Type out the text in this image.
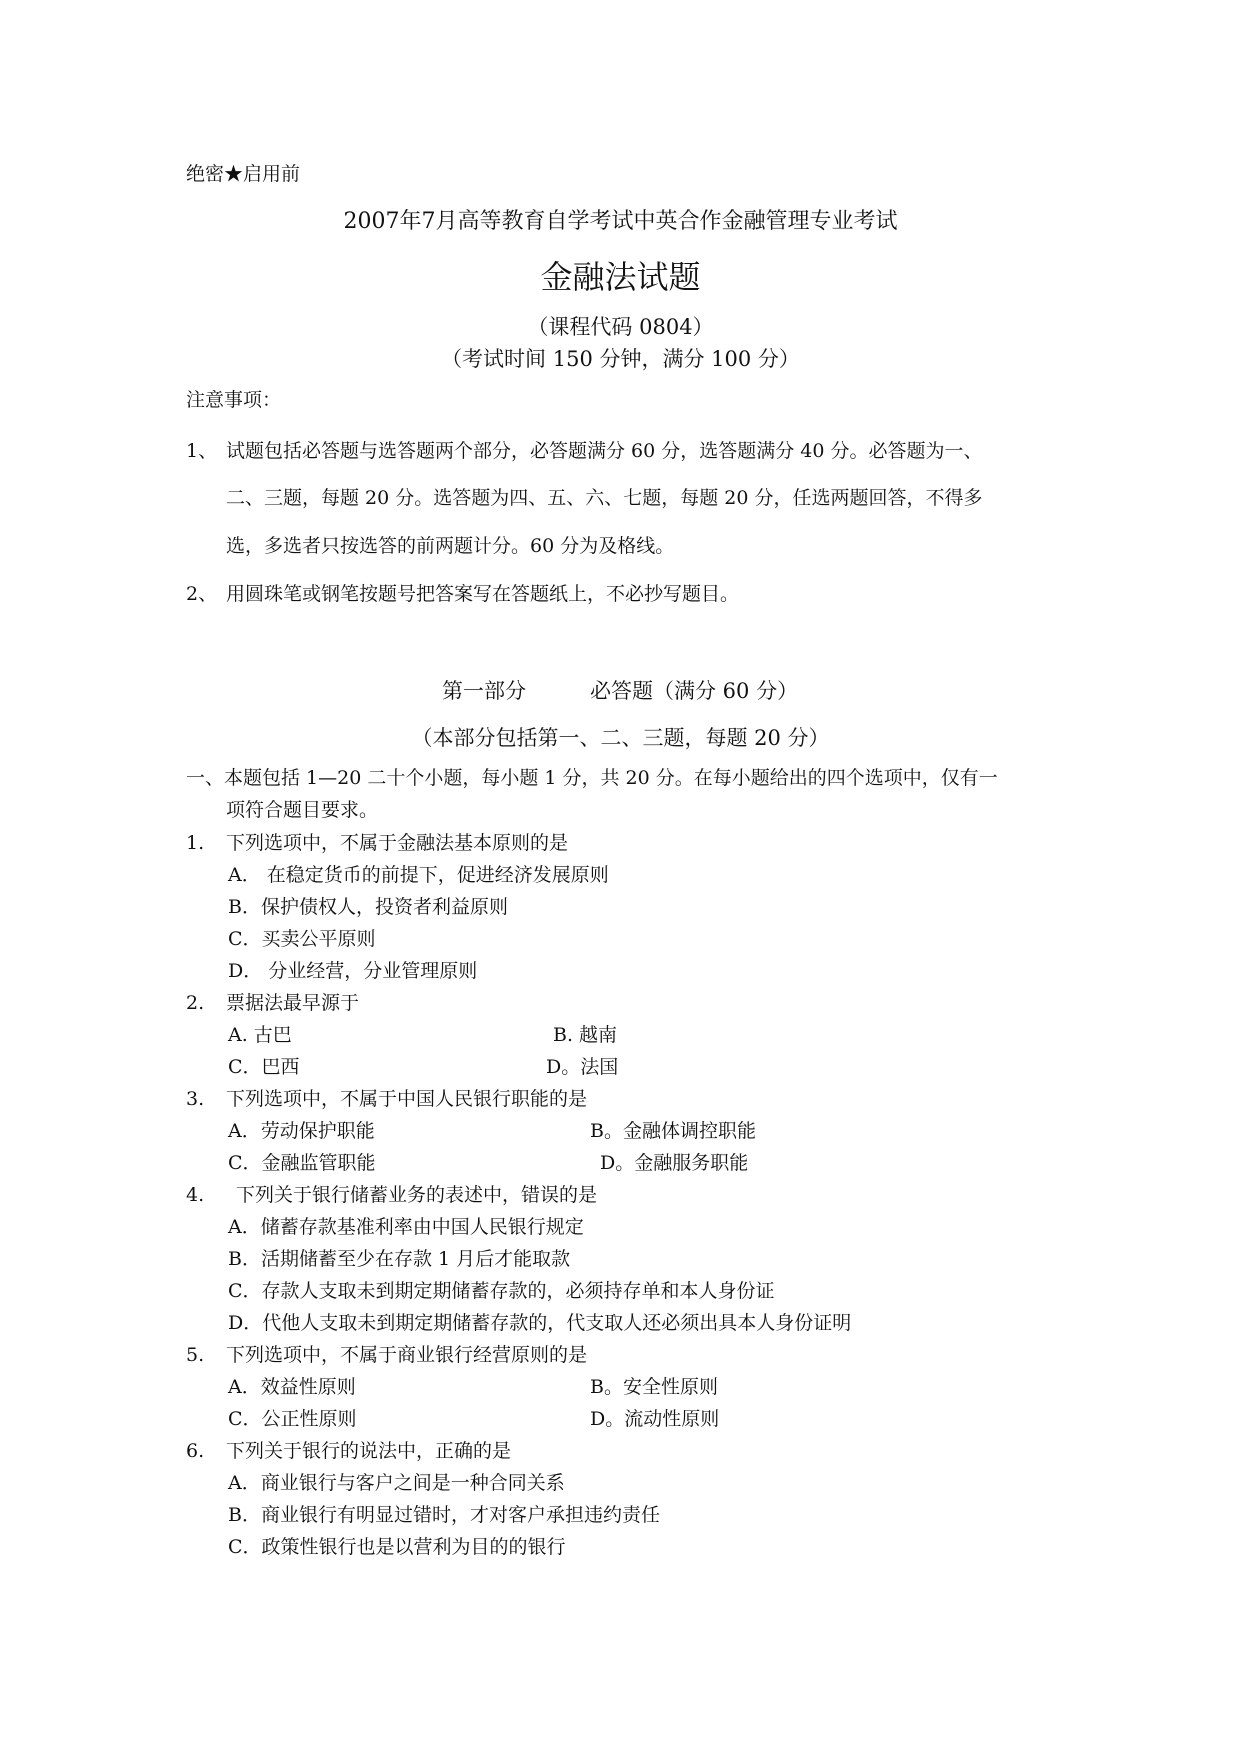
绝密★启用前
2007年7月高等教育自学考试中英合作金融管理专业考试
金融法试题
（课程代码 0804）
（考试时间 150 分钟，满分 100 分）
注意事项：
1、 试题包括必答题与选答题两个部分，必答题满分 60 分，选答题满分 40 分。必答题为一、
二、三题，每题 20 分。选答题为四、五、六、七题，每题 20 分，任选两题回答，不得多
选，多选者只按选答的前两题计分。60 分为及格线。
2、 用圆珠笔或钢笔按题号把答案写在答题纸上，不必抄写题目。
第一部分	必答题（满分 60 分）
（本部分包括第一、二、三题，每题 20 分）
一、本题包括 1—20 二十个小题，每小题 1 分，共 20 分。在每小题给出的四个选项中，仅有一
项符合题目要求。
1. 下列选项中，不属于金融法基本原则的是
A． 在稳定货币的前提下，促进经济发展原则
B．保护债权人，投资者利益原则
C．买卖公平原则
D． 分业经营，分业管理原则
2. 票据法最早源于
A. 古巴	B. 越南
C．巴西	D。法国
3. 下列选项中，不属于中国人民银行职能的是
A．劳动保护职能	B。金融体调控职能
C．金融监管职能	D。金融服务职能
4. 下列关于银行储蓄业务的表述中，错误的是
A．储蓄存款基准利率由中国人民银行规定
B．活期储蓄至少在存款 1 月后才能取款
C．存款人支取未到期定期储蓄存款的，必须持存单和本人身份证
D．代他人支取未到期定期储蓄存款的，代支取人还必须出具本人身份证明
5. 下列选项中，不属于商业银行经营原则的是
A．效益性原则	B。安全性原则
C．公正性原则	D。流动性原则
6. 下列关于银行的说法中，正确的是
A．商业银行与客户之间是一种合同关系
B．商业银行有明显过错时，才对客户承担违约责任
C．政策性银行也是以营利为目的的银行
